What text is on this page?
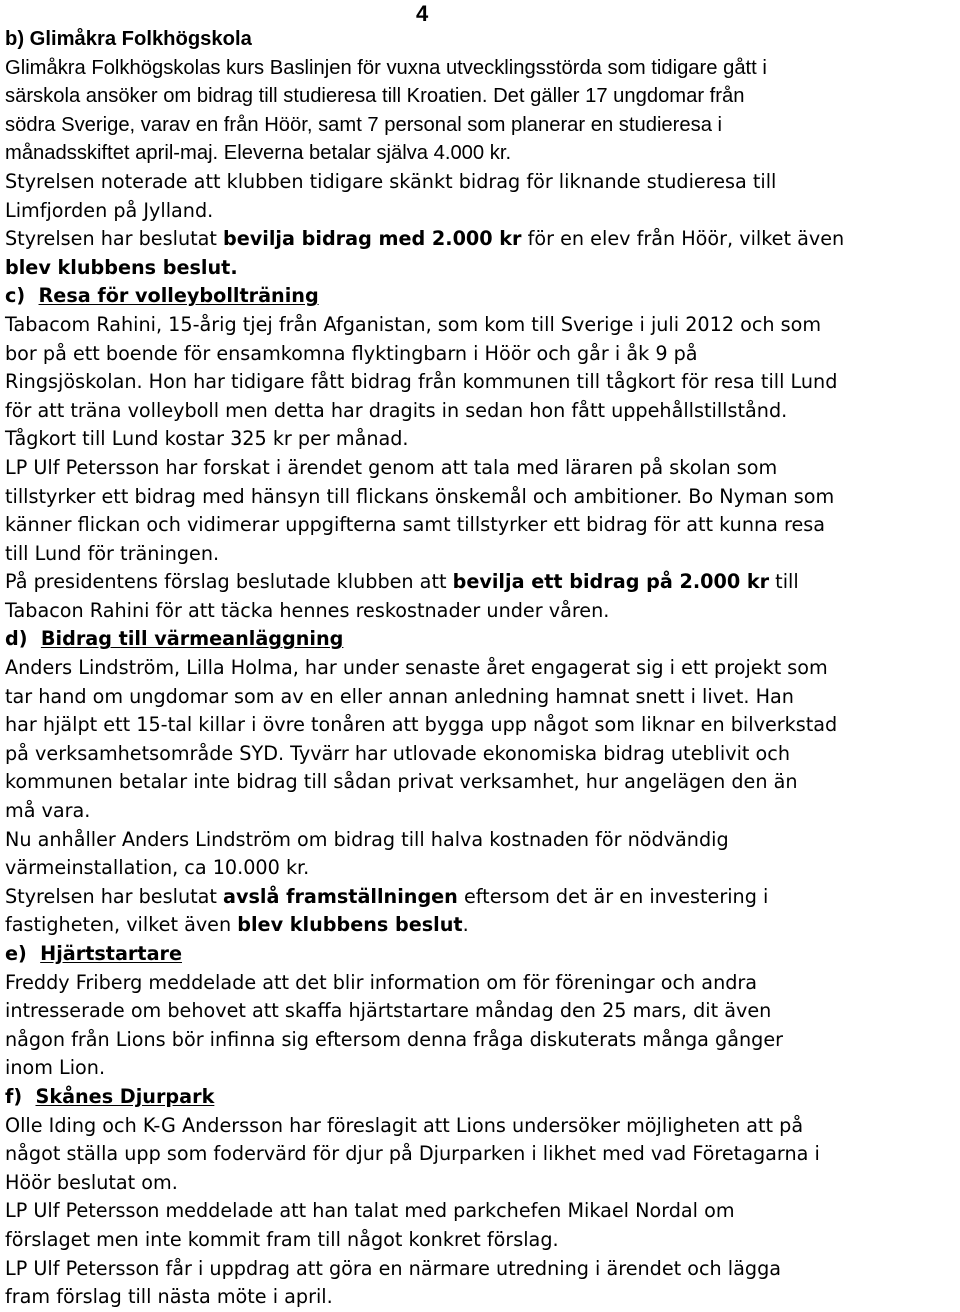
4
b) Glimåkra Folkhögskola
Glimåkra Folkhögskolas kurs Baslinjen för vuxna utvecklingsstörda som tidigare gått i
särskola ansöker om bidrag till studieresa till Kroatien. Det gäller 17 ungdomar från
södra Sverige, varav en från Höör, samt 7 personal som planerar en studieresa i
månadsskiftet april-maj. Eleverna betalar själva 4.000 kr.
Styrelsen noterade att klubben tidigare skänkt bidrag för liknande studieresa till
Limfjorden på Jylland.
Styrelsen har beslutat bevilja bidrag med 2.000 kr för en elev från Höör, vilket även
blev klubbens beslut.
c) Resa för volleybollträning
Tabacom Rahini, 15-årig tjej från Afganistan, som kom till Sverige i juli 2012 och som
bor på ett boende för ensamkomna flyktingbarn i Höör och går i åk 9 på
Ringsjöskolan. Hon har tidigare fått bidrag från kommunen till tågkort för resa till Lund
för att träna volleyboll men detta har dragits in sedan hon fått uppehållstillstånd.
Tågkort till Lund kostar 325 kr per månad.
LP Ulf Petersson har forskat i ärendet genom att tala med läraren på skolan som
tillstyrker ett bidrag med hänsyn till flickans önskemål och ambitioner. Bo Nyman som
känner flickan och vidimerar uppgifterna samt tillstyrker ett bidrag för att kunna resa
till Lund för träningen.
På presidentens förslag beslutade klubben att bevilja ett bidrag på 2.000 kr till
Tabacon Rahini för att täcka hennes reskostnader under våren.
d) Bidrag till värmeanläggning
Anders Lindström, Lilla Holma, har under senaste året engagerat sig i ett projekt som
tar hand om ungdomar som av en eller annan anledning hamnat snett i livet. Han
har hjälpt ett 15-tal killar i övre tonåren att bygga upp något som liknar en bilverkstad
på verksamhetsområde SYD. Tyvärr har utlovade ekonomiska bidrag uteblivit och
kommunen betalar inte bidrag till sådan privat verksamhet, hur angelägen den än
må vara.
Nu anhåller Anders Lindström om bidrag till halva kostnaden för nödvändig
värmeinstallation, ca 10.000 kr.
Styrelsen har beslutat avslå framställningen eftersom det är en investering i
fastigheten, vilket även blev klubbens beslut.
e) Hjärtstartare
Freddy Friberg meddelade att det blir information om för föreningar och andra
intresserade om behovet att skaffa hjärtstartare måndag den 25 mars, dit även
någon från Lions bör infinna sig eftersom denna fråga diskuterats många gånger
inom Lion.
f) Skånes Djurpark
Olle Iding och K-G Andersson har föreslagit att Lions undersöker möjligheten att på
något ställa upp som fodervärd för djur på Djurparken i likhet med vad Företagarna i
Höör beslutat om.
LP Ulf Petersson meddelade att han talat med parkchefen Mikael Nordal om
förslaget men inte kommit fram till något konkret förslag.
LP Ulf Petersson får i uppdrag att göra en närmare utredning i ärendet och lägga
fram förslag till nästa möte i april.
